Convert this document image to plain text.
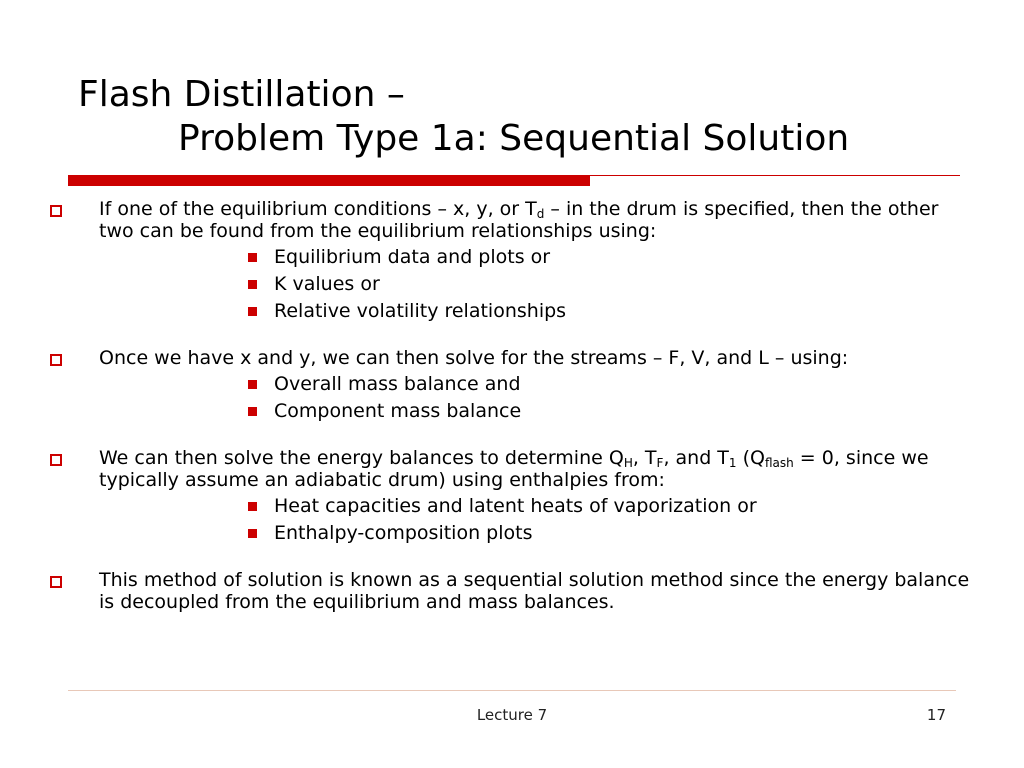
Flash Distillation –
Problem Type 1a: Sequential Solution
If one of the equilibrium conditions – x, y, or $T_d$ – in the drum is specified, then the other two can be found from the equilibrium relationships using:
Equilibrium data and plots or
K values or
Relative volatility relationships
Once we have x and y, we can then solve for the streams – F, V, and L – using:
Overall mass balance and
Component mass balance
We can then solve the energy balances to determine $Q_H$, $T_F$, and $T_1$ ($Q_{flash} = 0$, since we typically assume an adiabatic drum) using enthalpies from:
Heat capacities and latent heats of vaporization or
Enthalpy-composition plots
This method of solution is known as a sequential solution method since the energy balance is decoupled from the equilibrium and mass balances.
Lecture 7	17
